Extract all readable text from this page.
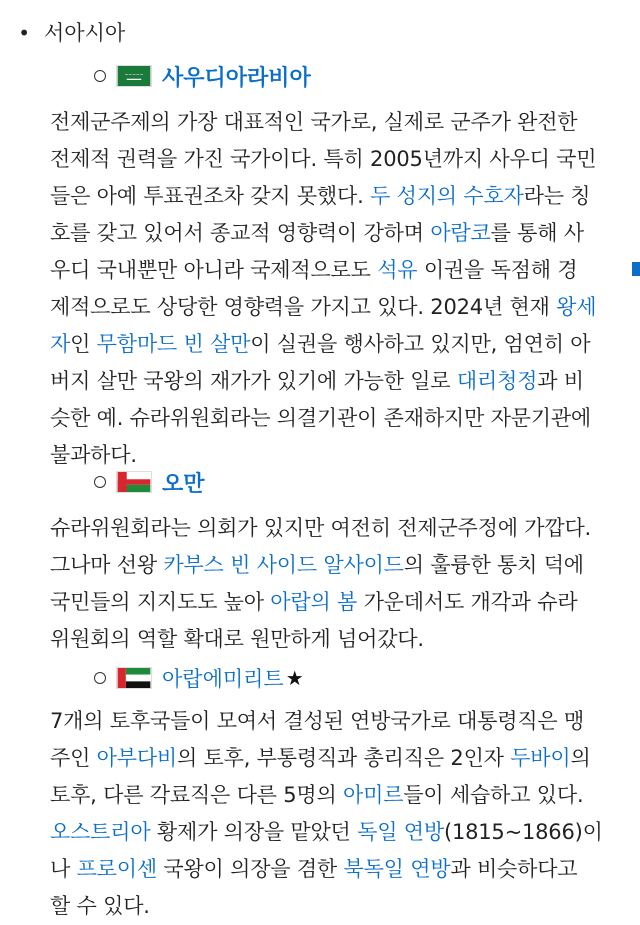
• 서아시아
~~~~~ 사우디아라비아
전제군주제의 가장 대표적인 국가로, 실제로 군주가 완전한
전제적 권력을 가진 국가이다. 특히 2005년까지 사우디 국민
들은 아예 투표권조차 갖지 못했다. 두 성지의 수호자라는 칭
호를 갖고 있어서 종교적 영향력이 강하며 아람코를 통해 사
우디 국내뿐만 아니라 국제적으로도 석유 이권을 독점해 경
제적으로도 상당한 영향력을 가지고 있다. 2024년 현재 왕세
자인 무함마드 빈 살만이 실권을 행사하고 있지만, 엄연히 아
버지 살만 국왕의 재가가 있기에 가능한 일로 대리청정과 비
슷한 예. 슈라위원회라는 의결기관이 존재하지만 자문기관에
불과하다.
오만
슈라위원회라는 의회가 있지만 여전히 전제군주정에 가깝다.
그나마 선왕 카부스 빈 사이드 알사이드의 훌륭한 통치 덕에
국민들의 지지도도 높아 아랍의 봄 가운데서도 개각과 슈라
위원회의 역할 확대로 원만하게 넘어갔다.
아랍에미리트 ★
7개의 토후국들이 모여서 결성된 연방국가로 대통령직은 맹
주인 아부다비의 토후, 부통령직과 총리직은 2인자 두바이의
토후, 다른 각료직은 다른 5명의 아미르들이 세습하고 있다.
오스트리아 황제가 의장을 맡았던 독일 연방(1815~1866)이
나 프로이센 국왕이 의장을 겸한 북독일 연방과 비슷하다고
할 수 있다.
